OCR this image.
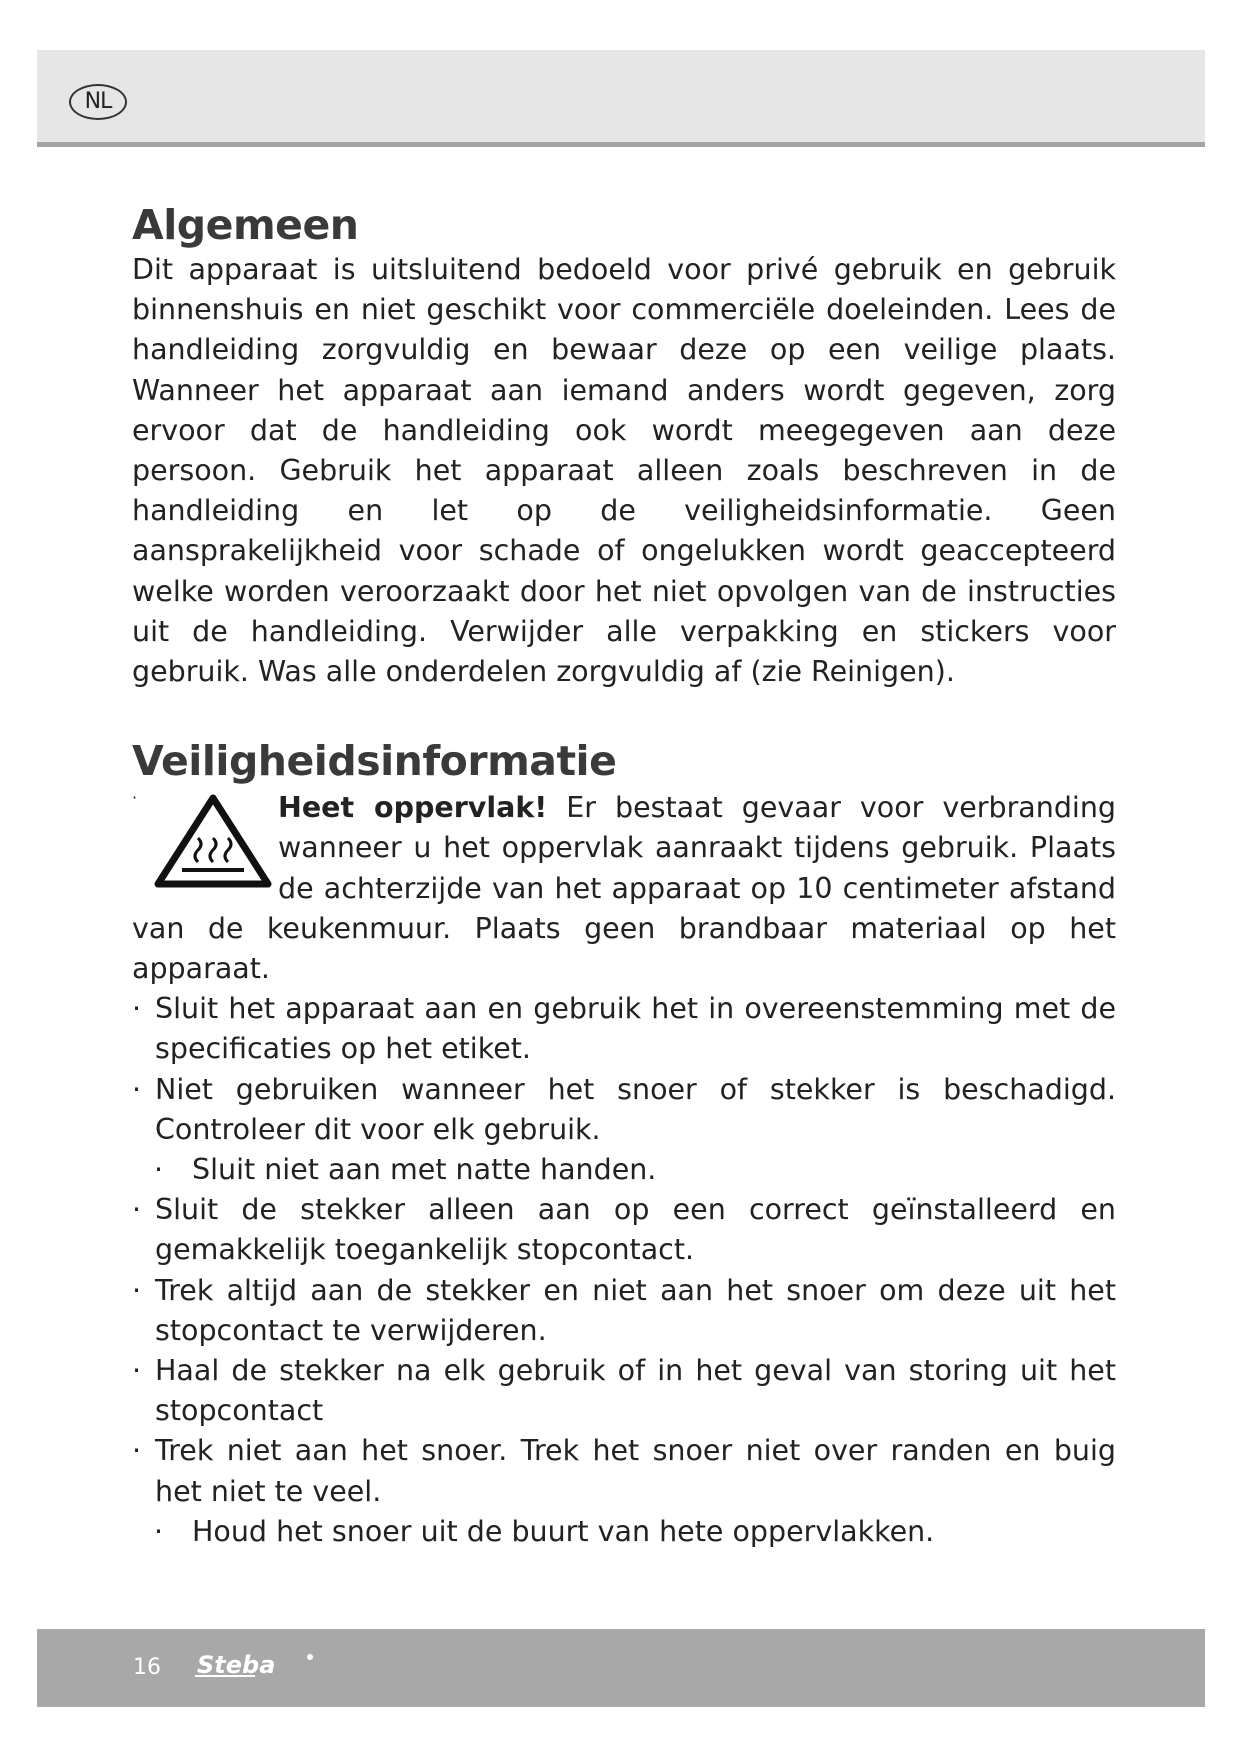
NL
Algemeen

Dit apparaat is uitsluitend bedoeld voor privé gebruik en gebruik binnenshuis en niet geschikt voor commerciële doeleinden. Lees de handleiding zorgvuldig en bewaar deze op een veilige plaats. Wanneer het apparaat aan iemand anders wordt gegeven, zorg ervoor dat de handleiding ook wordt meegegeven aan deze persoon. Gebruik het apparaat alleen zoals beschreven in de handleiding en let op de veiligheidsinformatie. Geen aansprakelijkheid voor schade of ongelukken wordt geaccepteerd welke worden veroorzaakt door het niet opvolgen van de instructies uit de handleiding. Verwijder alle verpakking en stickers voor gebruik. Was alle onderdelen zorgvuldig af (zie Reinigen).

Veiligheidsinformatie
·	Heet oppervlak! Er bestaat gevaar voor verbranding wanneer u het oppervlak aanraakt tijdens gebruik. Plaats de achterzijde van het apparaat op 10 centimeter afstand van de keukenmuur. Plaats geen brandbaar materiaal op het apparaat.
· Sluit het apparaat aan en gebruik het in overeenstemming met de specificaties op het etiket.
· Niet gebruiken wanneer het snoer of stekker is beschadigd. Controleer dit voor elk gebruik.
· Sluit niet aan met natte handen.
· Sluit de stekker alleen aan op een correct geïnstalleerd en gemakkelijk toegankelijk stopcontact.
· Trek altijd aan de stekker en niet aan het snoer om deze uit het stopcontact te verwijderen.
· Haal de stekker na elk gebruik of in het geval van storing uit het stopcontact
· Trek niet aan het snoer. Trek het snoer niet over randen en buig het niet te veel.
· Houd het snoer uit de buurt van hete oppervlakken.
16 Steba
